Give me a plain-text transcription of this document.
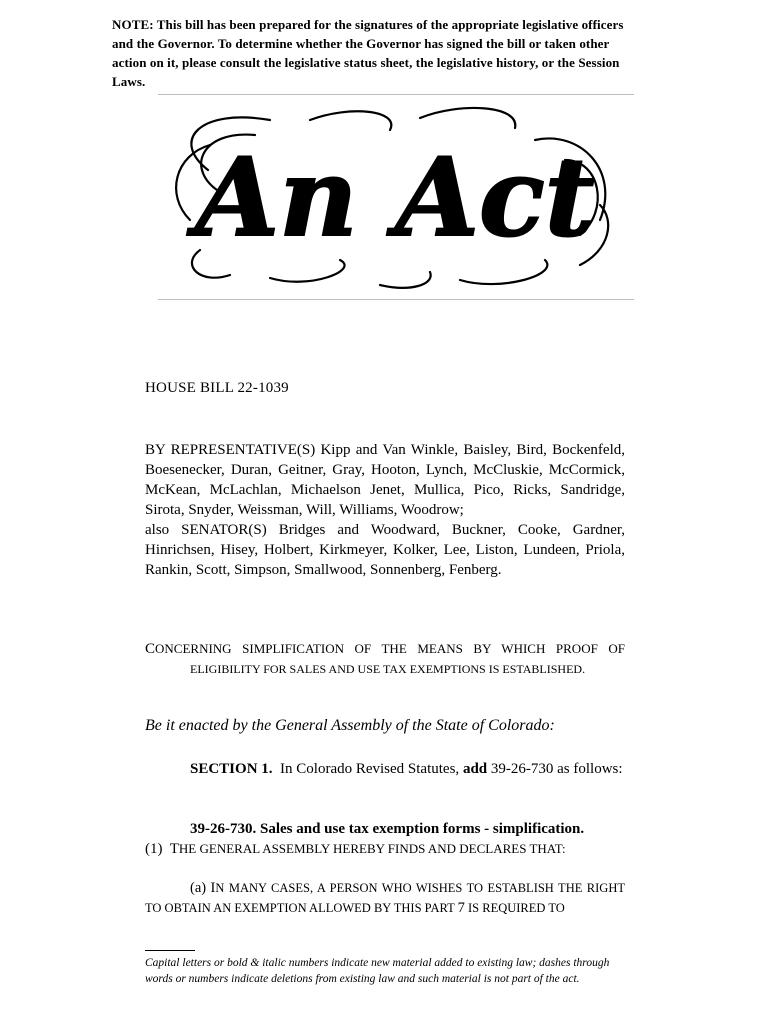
NOTE: This bill has been prepared for the signatures of the appropriate legislative officers and the Governor. To determine whether the Governor has signed the bill or taken other action on it, please consult the legislative status sheet, the legislative history, or the Session Laws.
An Act
HOUSE BILL 22-1039

BY REPRESENTATIVE(S) Kipp and Van Winkle, Baisley, Bird, Bockenfeld, Boesenecker, Duran, Geitner, Gray, Hooton, Lynch, McCluskie, McCormick, McKean, McLachlan, Michaelson Jenet, Mullica, Pico, Ricks, Sandridge, Sirota, Snyder, Weissman, Will, Williams, Woodrow;

also SENATOR(S) Bridges and Woodward, Buckner, Cooke, Gardner, Hinrichsen, Hisey, Holbert, Kirkmeyer, Kolker, Lee, Liston, Lundeen, Priola, Rankin, Scott, Simpson, Smallwood, Sonnenberg, Fenberg.

CONCERNING SIMPLIFICATION OF THE MEANS BY WHICH PROOF OF
ELIGIBILITY FOR SALES AND USE TAX EXEMPTIONS IS ESTABLISHED.
Be it enacted by the General Assembly of the State of Colorado:
SECTION 1. In Colorado Revised Statutes, add 39-26-730 as follows:
39-26-730. Sales and use tax exemption forms - simplification.
(1) THE GENERAL ASSEMBLY HEREBY FINDS AND DECLARES THAT:
(a) IN MANY CASES, A PERSON WHO WISHES TO ESTABLISH THE RIGHT TO OBTAIN AN EXEMPTION ALLOWED BY THIS PART 7 IS REQUIRED TO
Capital letters or bold & italic numbers indicate new material added to existing law; dashes through words or numbers indicate deletions from existing law and such material is not part of the act.
